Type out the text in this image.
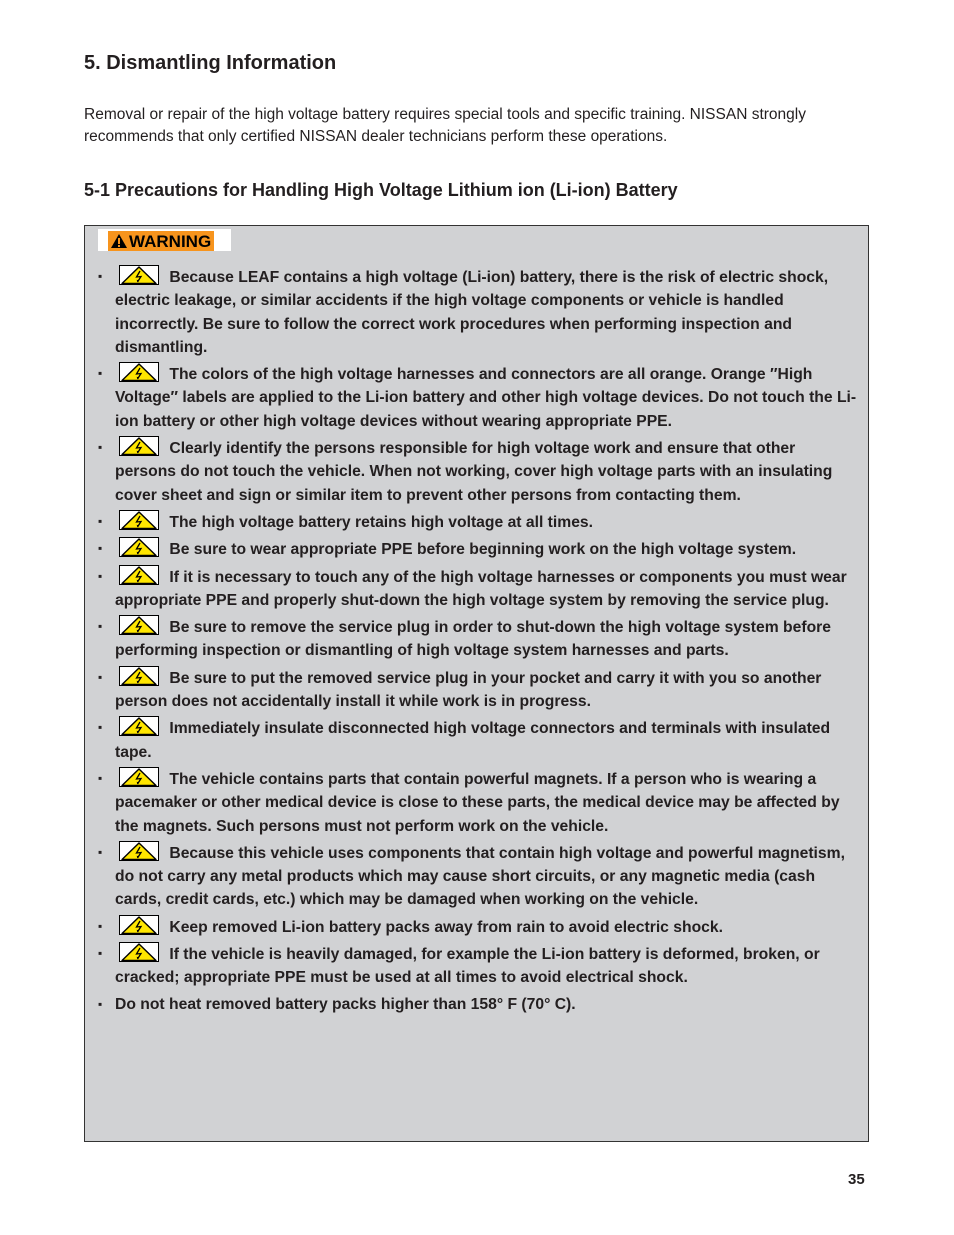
5. Dismantling Information

Removal or repair of the high voltage battery requires special tools and specific training. NISSAN strongly recommends that only certified NISSAN dealer technicians perform these operations.

5-1 Precautions for Handling High Voltage Lithium ion (Li-ion) Battery
WARNING
▪	Because LEAF contains a high voltage (Li-ion) battery, there is the risk of electric shock, electric leakage, or similar accidents if the high voltage components or vehicle is handled incorrectly. Be sure to follow the correct work procedures when performing inspection and dismantling.
▪	The colors of the high voltage harnesses and connectors are all orange. Orange ″High Voltage″ labels are applied to the Li-ion battery and other high voltage devices. Do not touch the Li-ion battery or other high voltage devices without wearing appropriate PPE.
▪	Clearly identify the persons responsible for high voltage work and ensure that other persons do not touch the vehicle. When not working, cover high voltage parts with an insulating cover sheet and sign or similar item to prevent other persons from contacting them.
▪	The high voltage battery retains high voltage at all times.
▪	Be sure to wear appropriate PPE before beginning work on the high voltage system.
▪	If it is necessary to touch any of the high voltage harnesses or components you must wear appropriate PPE and properly shut-down the high voltage system by removing the service plug.
▪	Be sure to remove the service plug in order to shut-down the high voltage system before performing inspection or dismantling of high voltage system harnesses and parts.
▪	Be sure to put the removed service plug in your pocket and carry it with you so another person does not accidentally install it while work is in progress.
▪	Immediately insulate disconnected high voltage connectors and terminals with insulated tape.
▪	The vehicle contains parts that contain powerful magnets. If a person who is wearing a pacemaker or other medical device is close to these parts, the medical device may be affected by the magnets. Such persons must not perform work on the vehicle.
▪	Because this vehicle uses components that contain high voltage and powerful magnetism, do not carry any metal products which may cause short circuits, or any magnetic media (cash cards, credit cards, etc.) which may be damaged when working on the vehicle.
▪	Keep removed Li-ion battery packs away from rain to avoid electric shock.
▪	If the vehicle is heavily damaged, for example the Li-ion battery is deformed, broken, or cracked; appropriate PPE must be used at all times to avoid electrical shock.
▪ Do not heat removed battery packs higher than 158° F (70° C).
35
